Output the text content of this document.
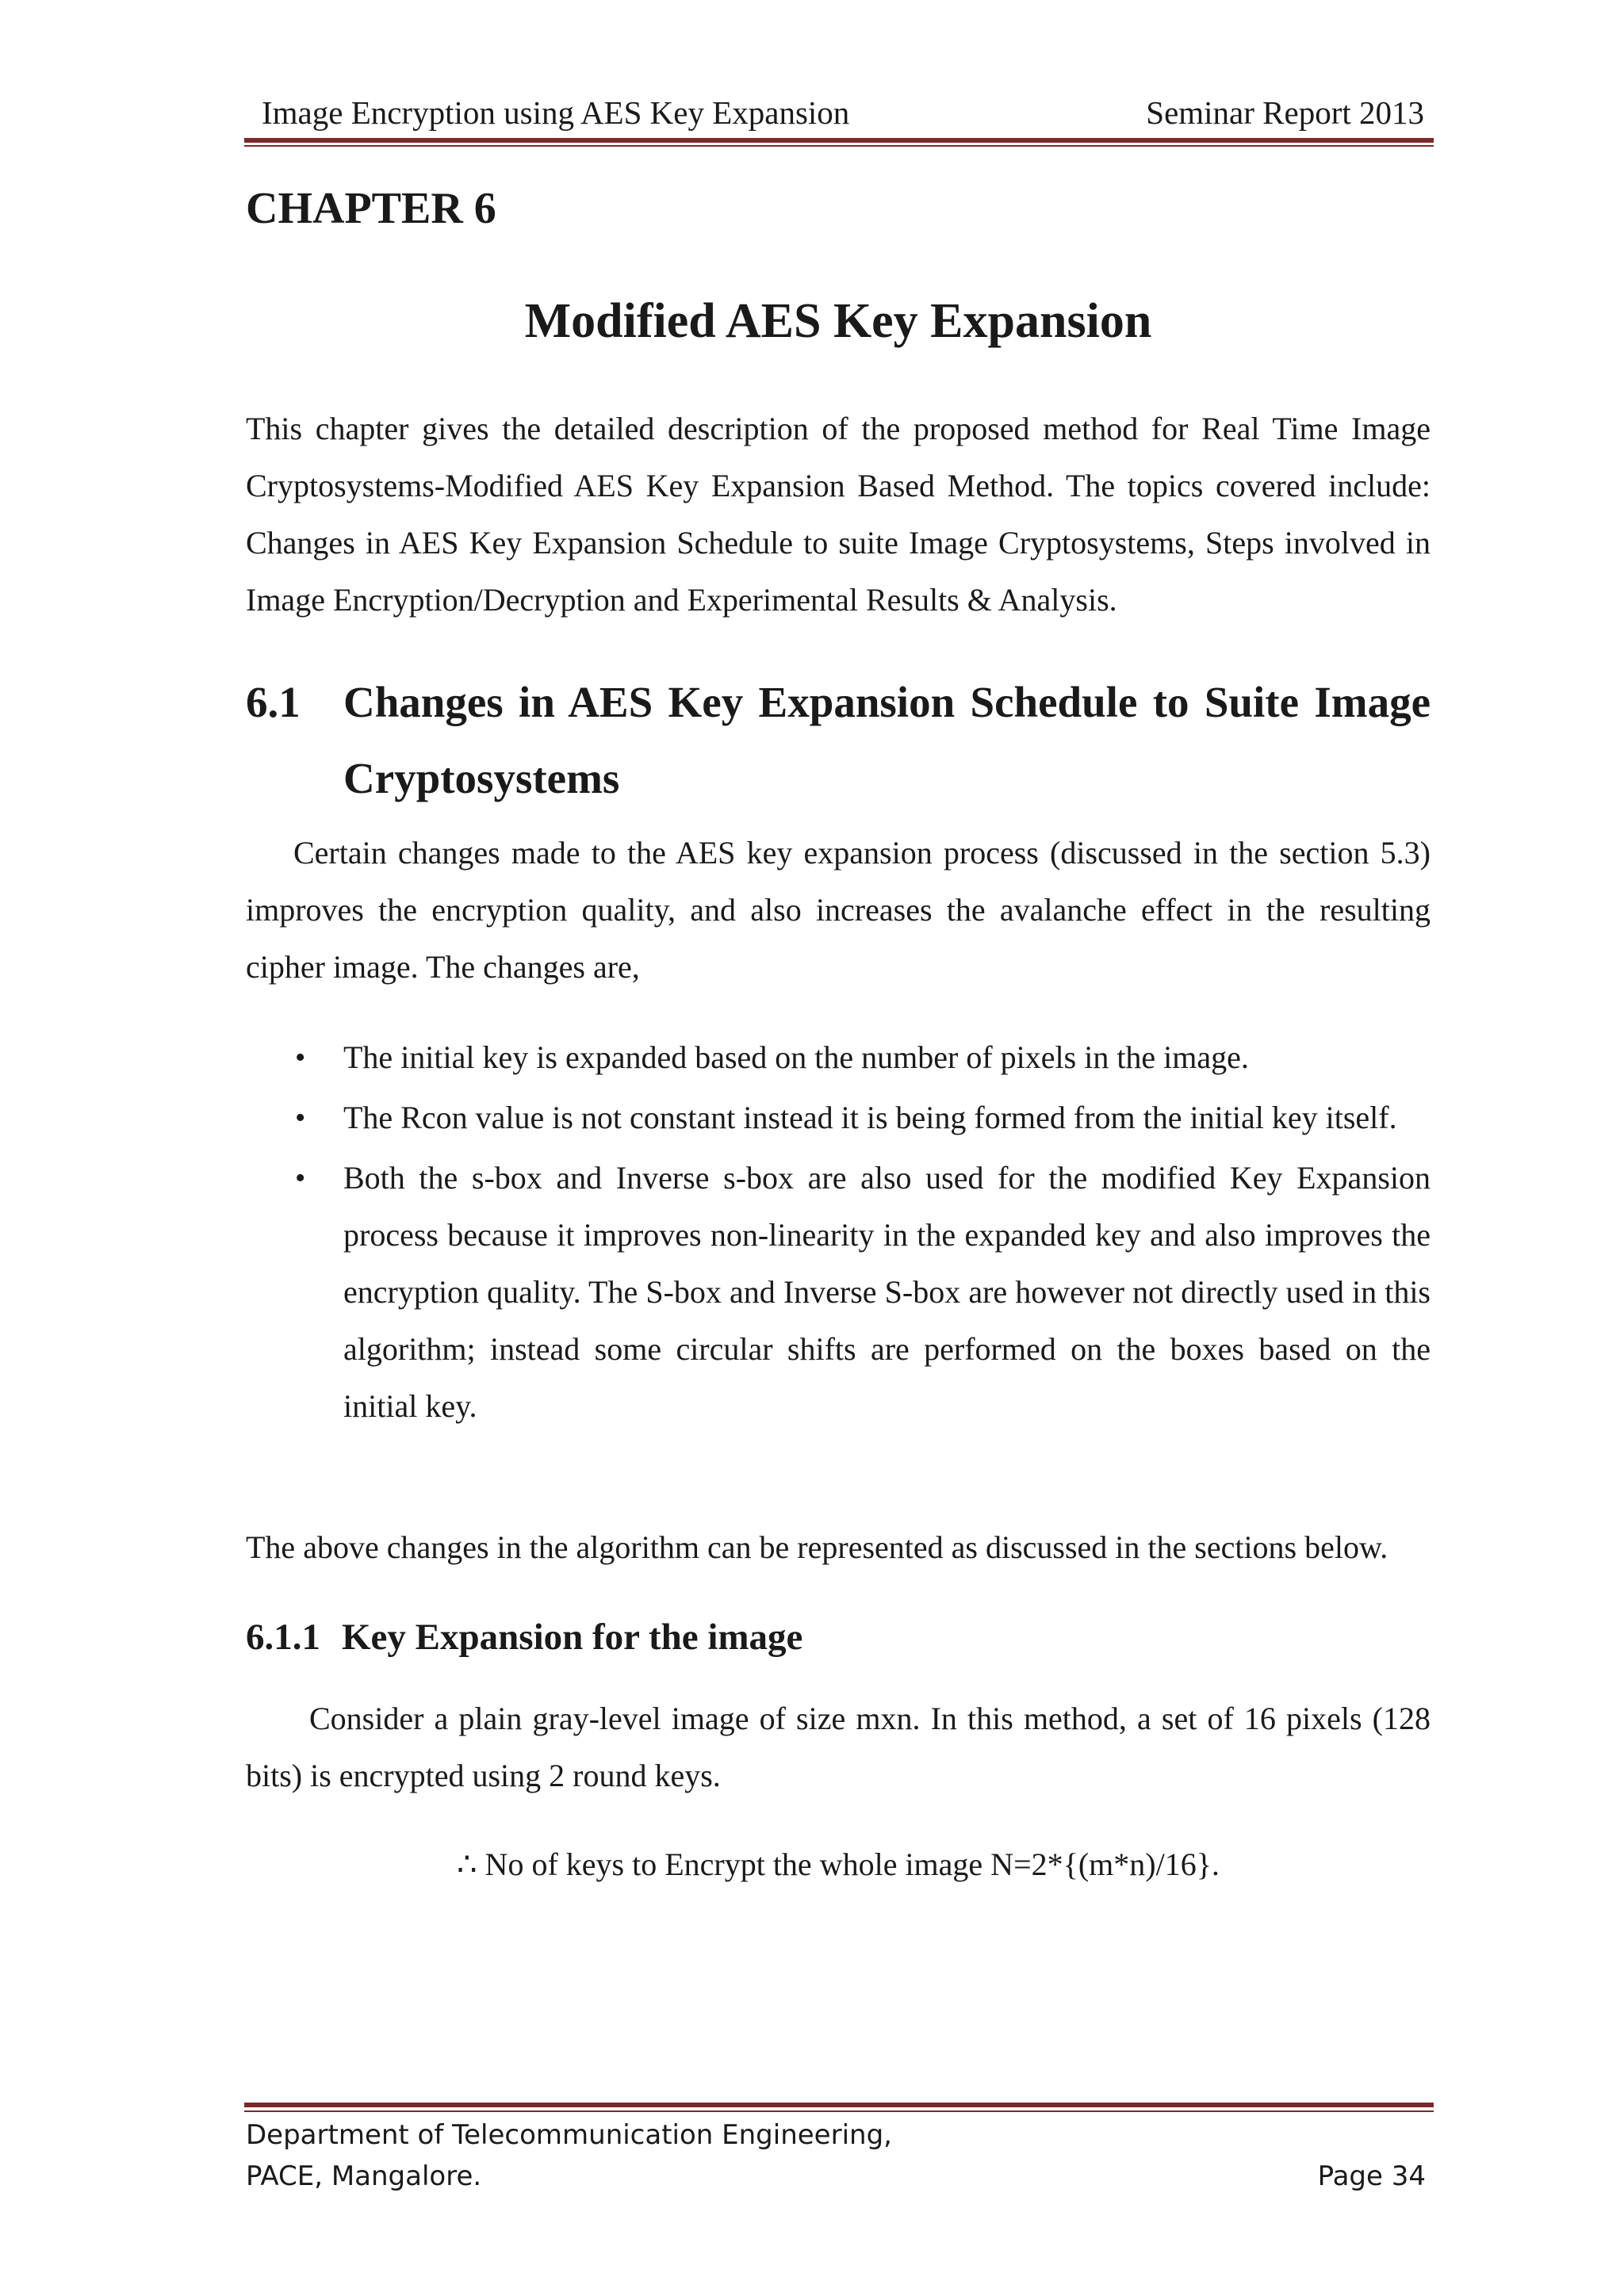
Image Encryption using AES Key Expansion	Seminar Report 2013
CHAPTER 6
Modified AES Key Expansion

This chapter gives the detailed description of the proposed method for Real Time Image Cryptosystems-Modified AES Key Expansion Based Method. The topics covered include: Changes in AES Key Expansion Schedule to suite Image Cryptosystems, Steps involved in Image Encryption/Decryption and Experimental Results & Analysis.

6.1 Changes in AES Key Expansion Schedule to Suite Image Cryptosystems

Certain changes made to the AES key expansion process (discussed in the section 5.3) improves the encryption quality, and also increases the avalanche effect in the resulting cipher image. The changes are,

• The initial key is expanded based on the number of pixels in the image.
• The Rcon value is not constant instead it is being formed from the initial key itself.
• Both the s-box and Inverse s-box are also used for the modified Key Expansion process because it improves non-linearity in the expanded key and also improves the encryption quality. The S-box and Inverse S-box are however not directly used in this algorithm; instead some circular shifts are performed on the boxes based on the initial key.

The above changes in the algorithm can be represented as discussed in the sections below.

6.1.1 Key Expansion for the image

Consider a plain gray-level image of size mxn. In this method, a set of 16 pixels (128 bits) is encrypted using 2 round keys.

∴ No of keys to Encrypt the whole image N=2*{(m*n)/16}.
Department of Telecommunication Engineering,
PACE, Mangalore.	Page 34
